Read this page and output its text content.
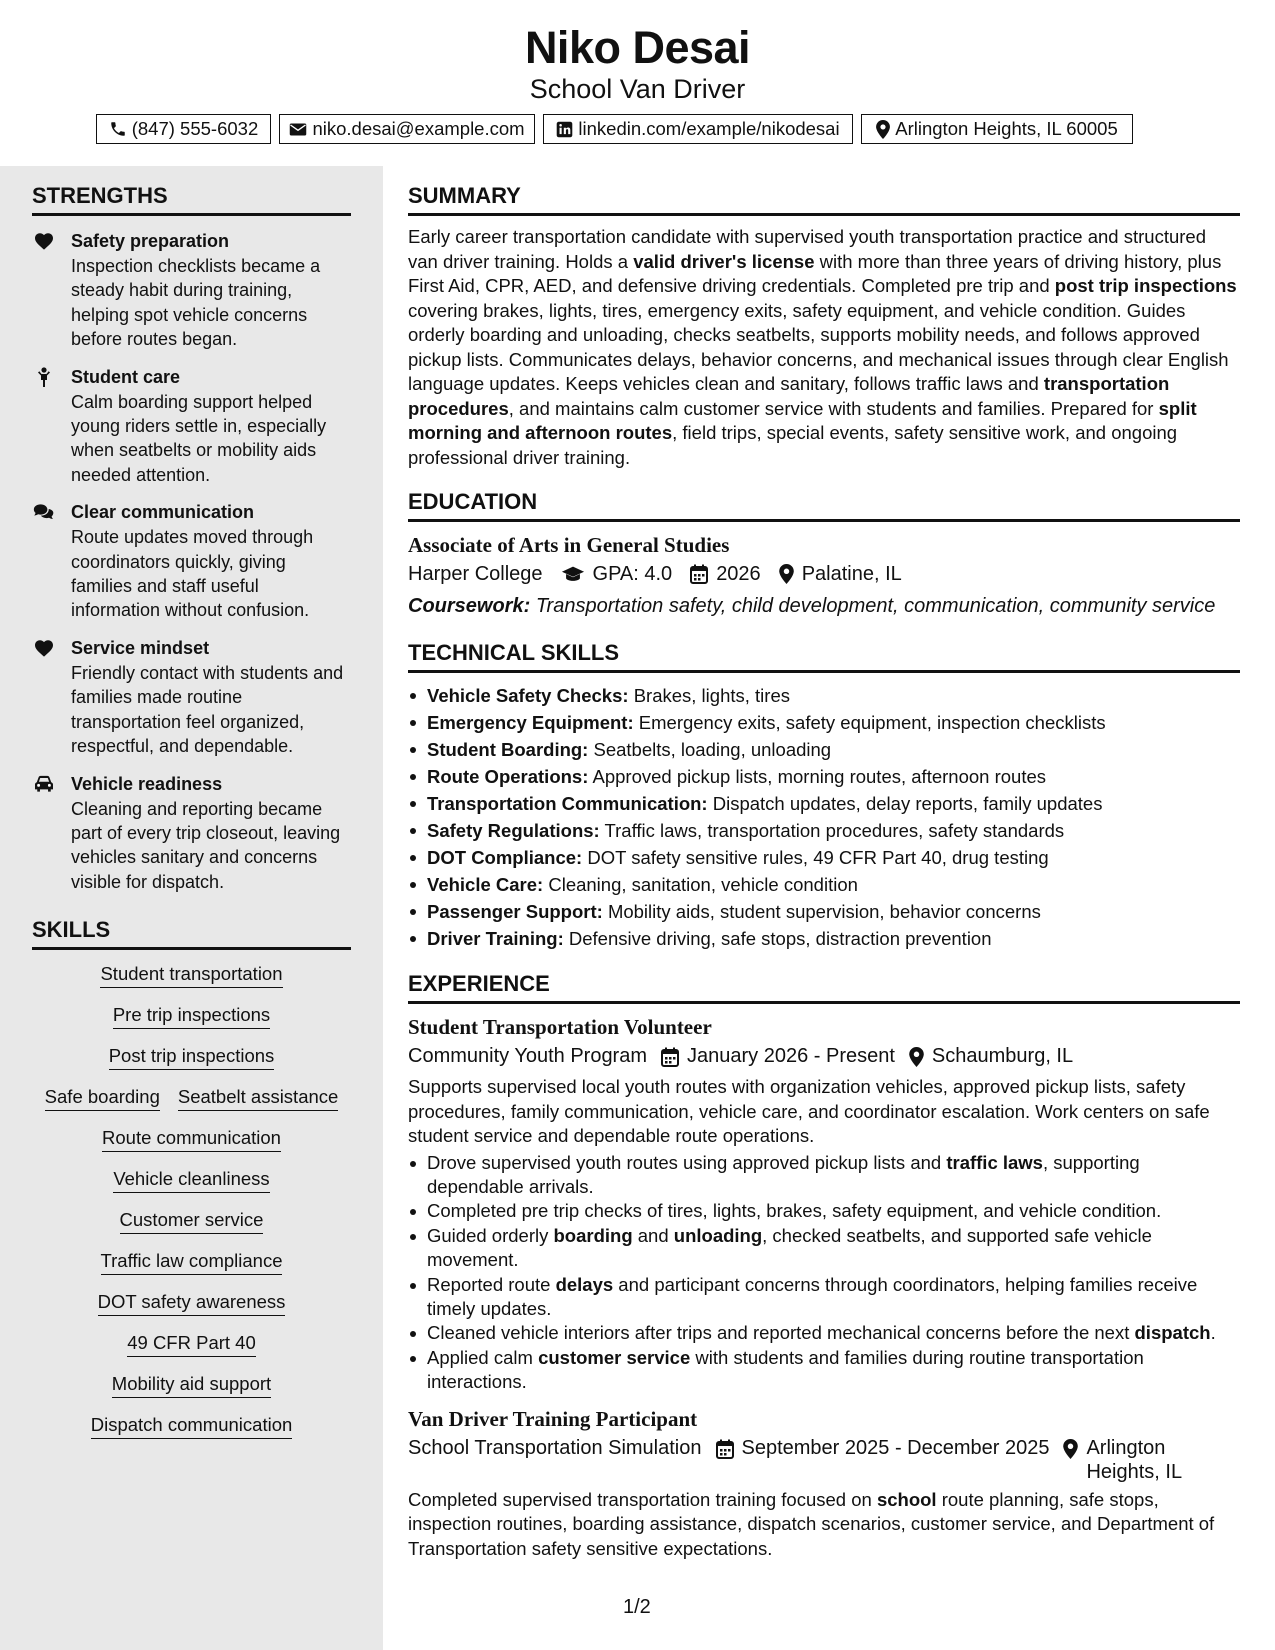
Niko Desai
School Van Driver
(847) 555-6032	niko.desai@example.com	linkedin.com/example/nikodesai	Arlington Heights, IL 60005
STRENGTHS
Safety preparation
Inspection checklists became a steady habit during training, helping spot vehicle concerns before routes began.
Student care
Calm boarding support helped young riders settle in, especially when seatbelts or mobility aids needed attention.
Clear communication
Route updates moved through coordinators quickly, giving families and staff useful information without confusion.
Service mindset
Friendly contact with students and families made routine transportation feel organized, respectful, and dependable.
Vehicle readiness
Cleaning and reporting became part of every trip closeout, leaving vehicles sanitary and concerns visible for dispatch.
SKILLS
Student transportation
Pre trip inspections
Post trip inspections
Safe boarding Seatbelt assistance
Route communication
Vehicle cleanliness
Customer service
Traffic law compliance
DOT safety awareness
49 CFR Part 40
Mobility aid support
Dispatch communication
SUMMARY
Early career transportation candidate with supervised youth transportation practice and structured van driver training. Holds a valid driver's license with more than three years of driving history, plus First Aid, CPR, AED, and defensive driving credentials. Completed pre trip and post trip inspections covering brakes, lights, tires, emergency exits, safety equipment, and vehicle condition. Guides orderly boarding and unloading, checks seatbelts, supports mobility needs, and follows approved pickup lists. Communicates delays, behavior concerns, and mechanical issues through clear English language updates. Keeps vehicles clean and sanitary, follows traffic laws and transportation procedures, and maintains calm customer service with students and families. Prepared for split morning and afternoon routes, field trips, special events, safety sensitive work, and ongoing professional driver training.
EDUCATION
Associate of Arts in General Studies
Harper College	GPA: 4.0 2026 Palatine, IL
Coursework: Transportation safety, child development, communication, community service
TECHNICAL SKILLS
Vehicle Safety Checks: Brakes, lights, tires
Emergency Equipment: Emergency exits, safety equipment, inspection checklists
Student Boarding: Seatbelts, loading, unloading
Route Operations: Approved pickup lists, morning routes, afternoon routes
Transportation Communication: Dispatch updates, delay reports, family updates
Safety Regulations: Traffic laws, transportation procedures, safety standards
DOT Compliance: DOT safety sensitive rules, 49 CFR Part 40, drug testing
Vehicle Care: Cleaning, sanitation, vehicle condition
Passenger Support: Mobility aids, student supervision, behavior concerns
Driver Training: Defensive driving, safe stops, distraction prevention
EXPERIENCE
Student Transportation Volunteer
Community Youth Program January 2026 - Present Schaumburg, IL
Supports supervised local youth routes with organization vehicles, approved pickup lists, safety procedures, family communication, vehicle care, and coordinator escalation. Work centers on safe student service and dependable route operations.
Drove supervised youth routes using approved pickup lists and traffic laws, supporting dependable arrivals.
Completed pre trip checks of tires, lights, brakes, safety equipment, and vehicle condition.
Guided orderly boarding and unloading, checked seatbelts, and supported safe vehicle movement.
Reported route delays and participant concerns through coordinators, helping families receive timely updates.
Cleaned vehicle interiors after trips and reported mechanical concerns before the next dispatch.
Applied calm customer service with students and families during routine transportation interactions.
Van Driver Training Participant
School Transportation Simulation September 2025 - December 2025 Arlington
Heights, IL
Completed supervised transportation training focused on school route planning, safe stops, inspection routines, boarding assistance, dispatch scenarios, customer service, and Department of Transportation safety sensitive expectations.
1/2
